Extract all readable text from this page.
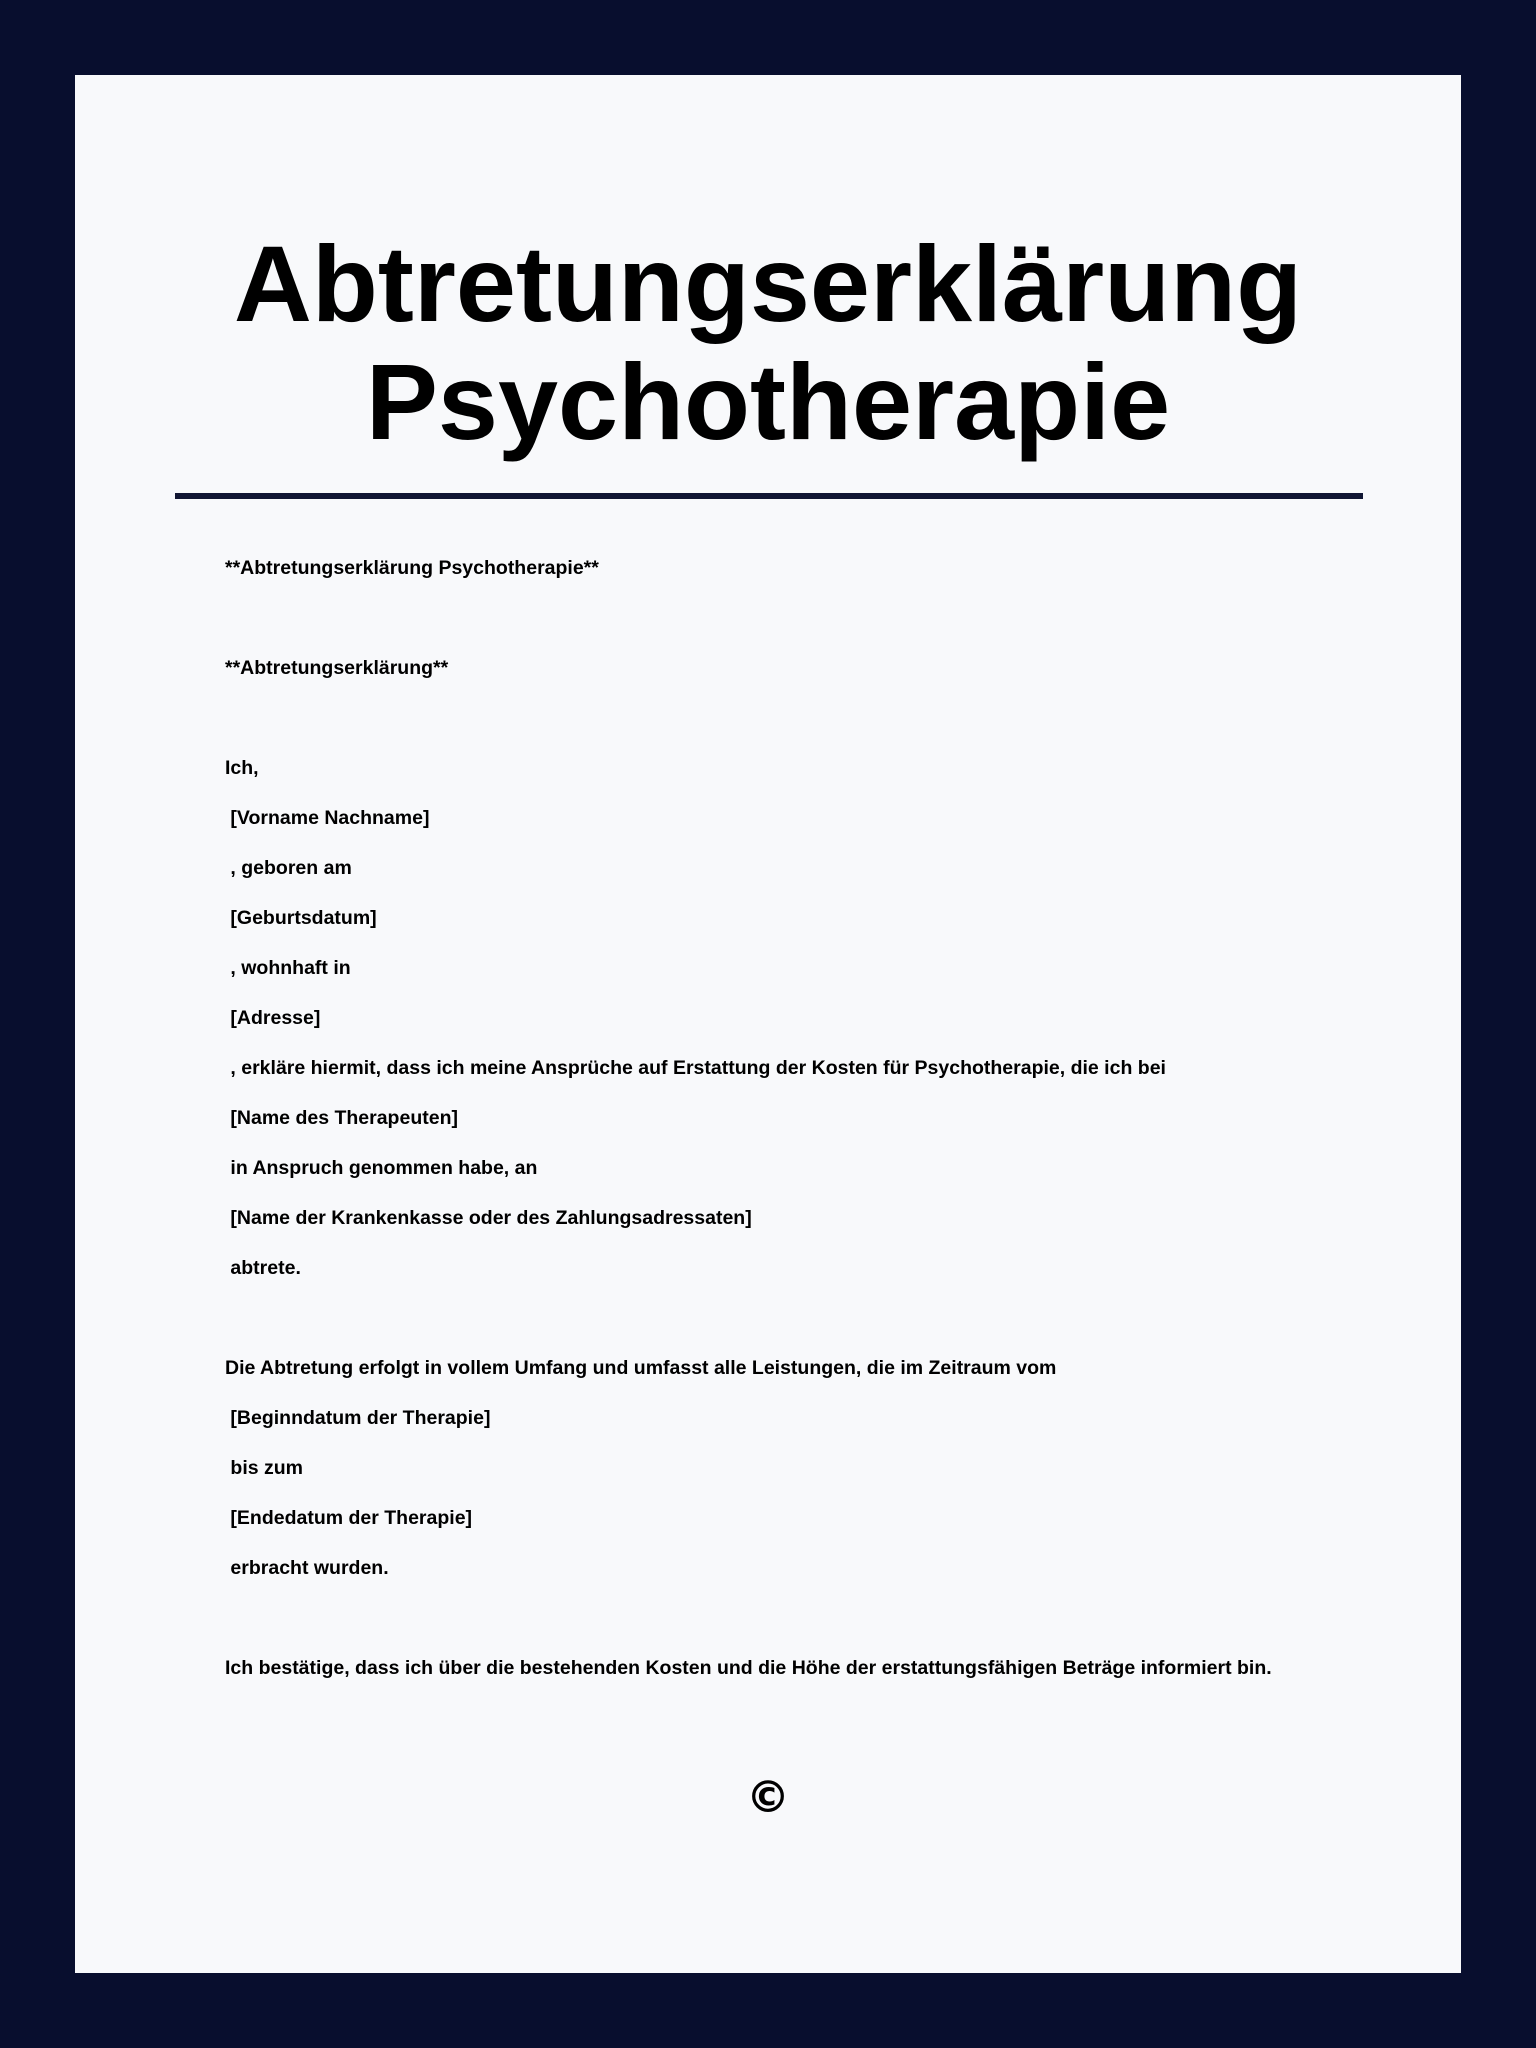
Abtretungserklärung
Psychotherapie
**Abtretungserklärung Psychotherapie**
**Abtretungserklärung**
Ich,
[Vorname Nachname]
, geboren am
[Geburtsdatum]
, wohnhaft in
[Adresse]
, erkläre hiermit, dass ich meine Ansprüche auf Erstattung der Kosten für Psychotherapie, die ich bei
[Name des Therapeuten]
in Anspruch genommen habe, an
[Name der Krankenkasse oder des Zahlungsadressaten]
abtrete.
Die Abtretung erfolgt in vollem Umfang und umfasst alle Leistungen, die im Zeitraum vom
[Beginndatum der Therapie]
bis zum
[Endedatum der Therapie]
erbracht wurden.
Ich bestätige, dass ich über die bestehenden Kosten und die Höhe der erstattungsfähigen Beträge informiert bin.
©
